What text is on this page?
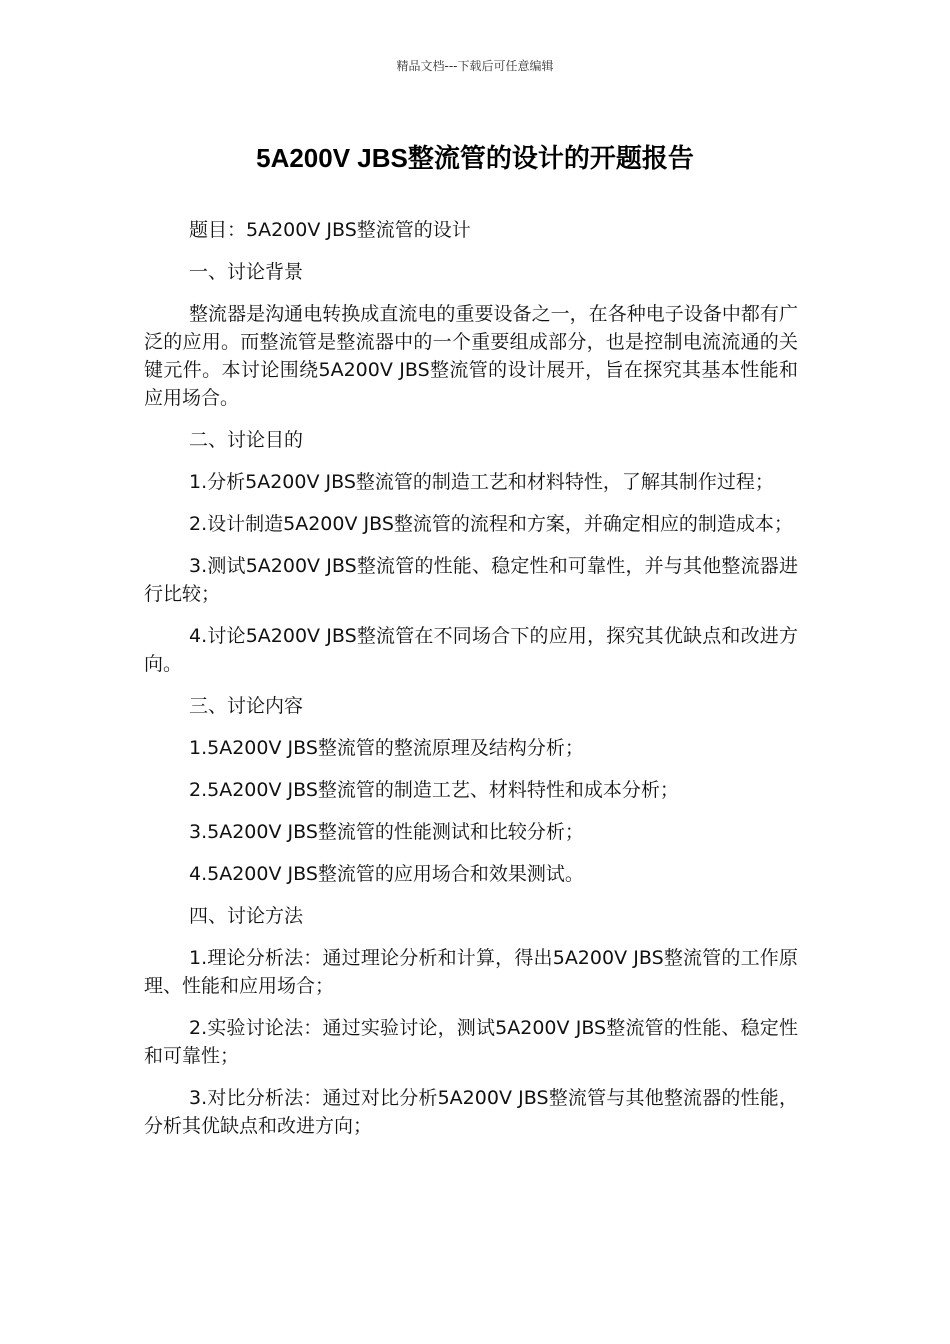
精品文档---下载后可任意编辑
5A200V JBS整流管的设计的开题报告

题目：5A200V JBS整流管的设计

一、讨论背景

整流器是沟通电转换成直流电的重要设备之一，在各种电子设备中都有广泛的应用。而整流管是整流器中的一个重要组成部分，也是控制电流流通的关键元件。本讨论围绕5A200V JBS整流管的设计展开，旨在探究其基本性能和应用场合。

二、讨论目的

1.分析5A200V JBS整流管的制造工艺和材料特性，了解其制作过程；

2.设计制造5A200V JBS整流管的流程和方案，并确定相应的制造成本；

3.测试5A200V JBS整流管的性能、稳定性和可靠性，并与其他整流器进行比较；

4.讨论5A200V JBS整流管在不同场合下的应用，探究其优缺点和改进方向。

三、讨论内容

1.5A200V JBS整流管的整流原理及结构分析；

2.5A200V JBS整流管的制造工艺、材料特性和成本分析；

3.5A200V JBS整流管的性能测试和比较分析；

4.5A200V JBS整流管的应用场合和效果测试。

四、讨论方法

1.理论分析法：通过理论分析和计算，得出5A200V JBS整流管的工作原理、性能和应用场合；

2.实验讨论法：通过实验讨论，测试5A200V JBS整流管的性能、稳定性和可靠性；

3.对比分析法：通过对比分析5A200V JBS整流管与其他整流器的性能，分析其优缺点和改进方向；
